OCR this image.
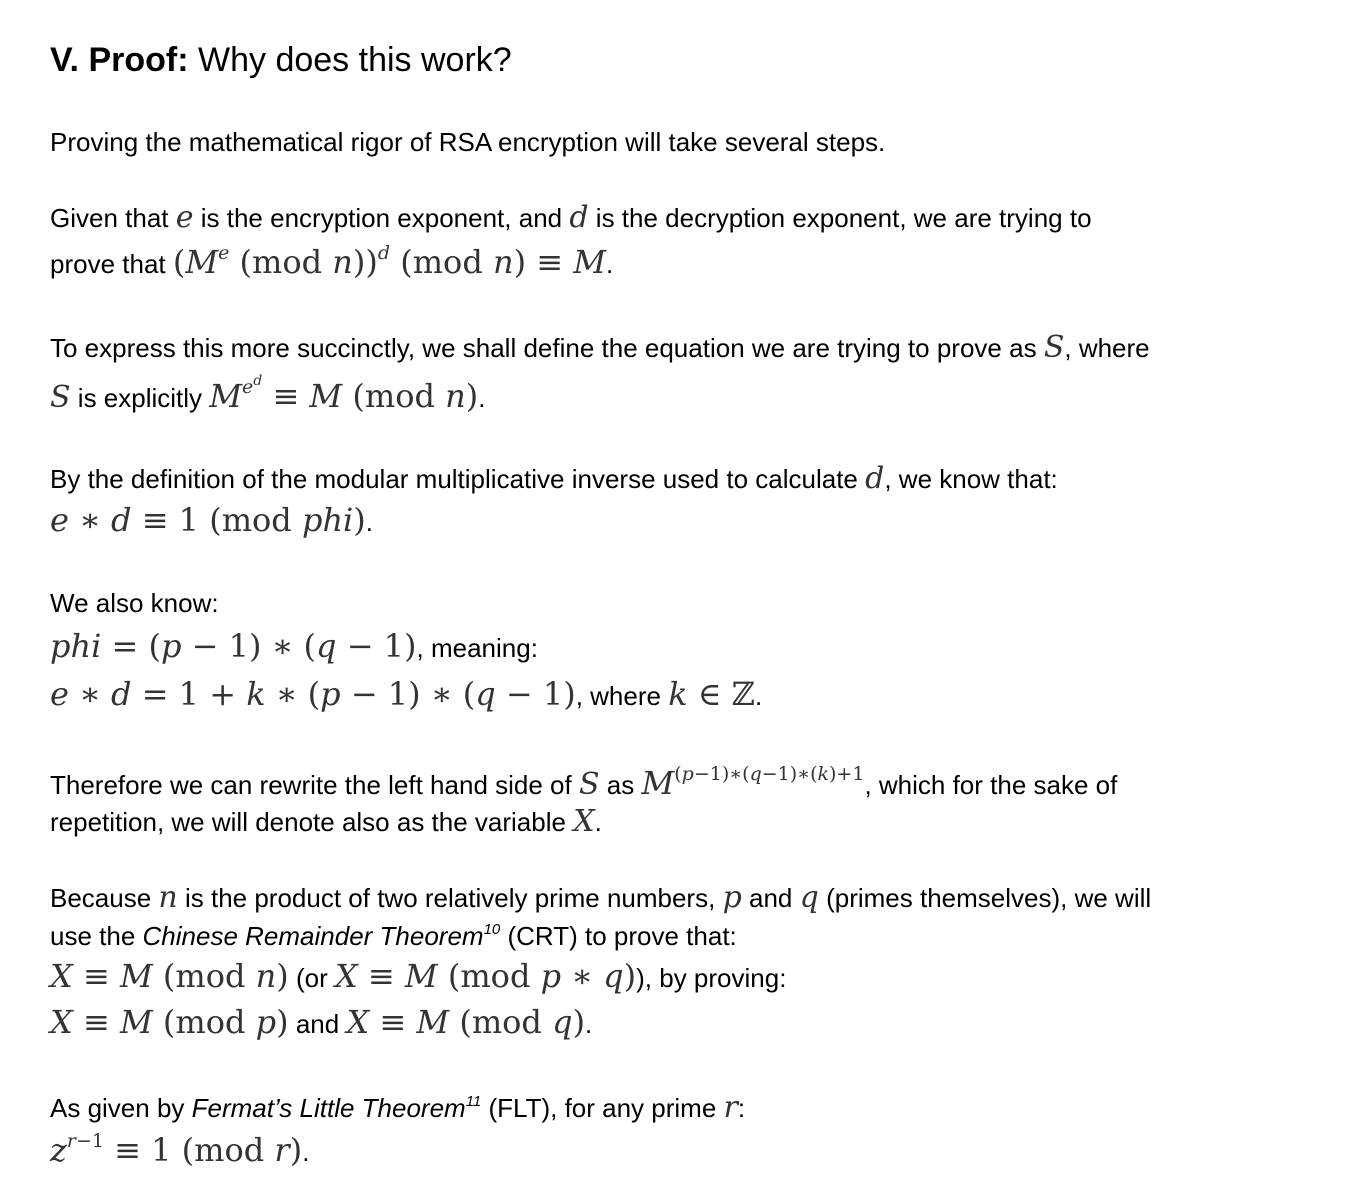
V. Proof: Why does this work?
Proving the mathematical rigor of RSA encryption will take several steps.
Given that e is the encryption exponent, and d is the decryption exponent, we are trying to
prove that (Me (mod n))$^d$ (mod n) ≡ M.
To express this more succinctly, we shall define the equation we are trying to prove as S, where
S is explicitly $M^{e^d} \equiv M$ (mod n).
By the definition of the modular multiplicative inverse used to calculate d, we know that:
e ∗ d ≡ 1 (mod phi).
We also know:
phi = (p − 1) ∗ (q − 1), meaning:
e ∗ d = 1 + k ∗ (p − 1) ∗ (q − 1), where k ∈ ℤ.
Therefore we can rewrite the left hand side of S as $M^{(p-1)∗(q-1)∗(k)+1}$, which for the sake of
repetition, we will denote also as the variable X.
Because n is the product of two relatively prime numbers, p and q (primes themselves), we will
use the Chinese Remainder Theorem$^{10}$ (CRT) to prove that:
X ≡ M (mod n) (or X ≡ M (mod p ∗ q)), by proving:
X ≡ M (mod p) and X ≡ M (mod q).
As given by Fermat’s Little Theorem$^{11}$ (FLT), for any prime r:
$z^{r-1} \equiv 1$ (mod r).
